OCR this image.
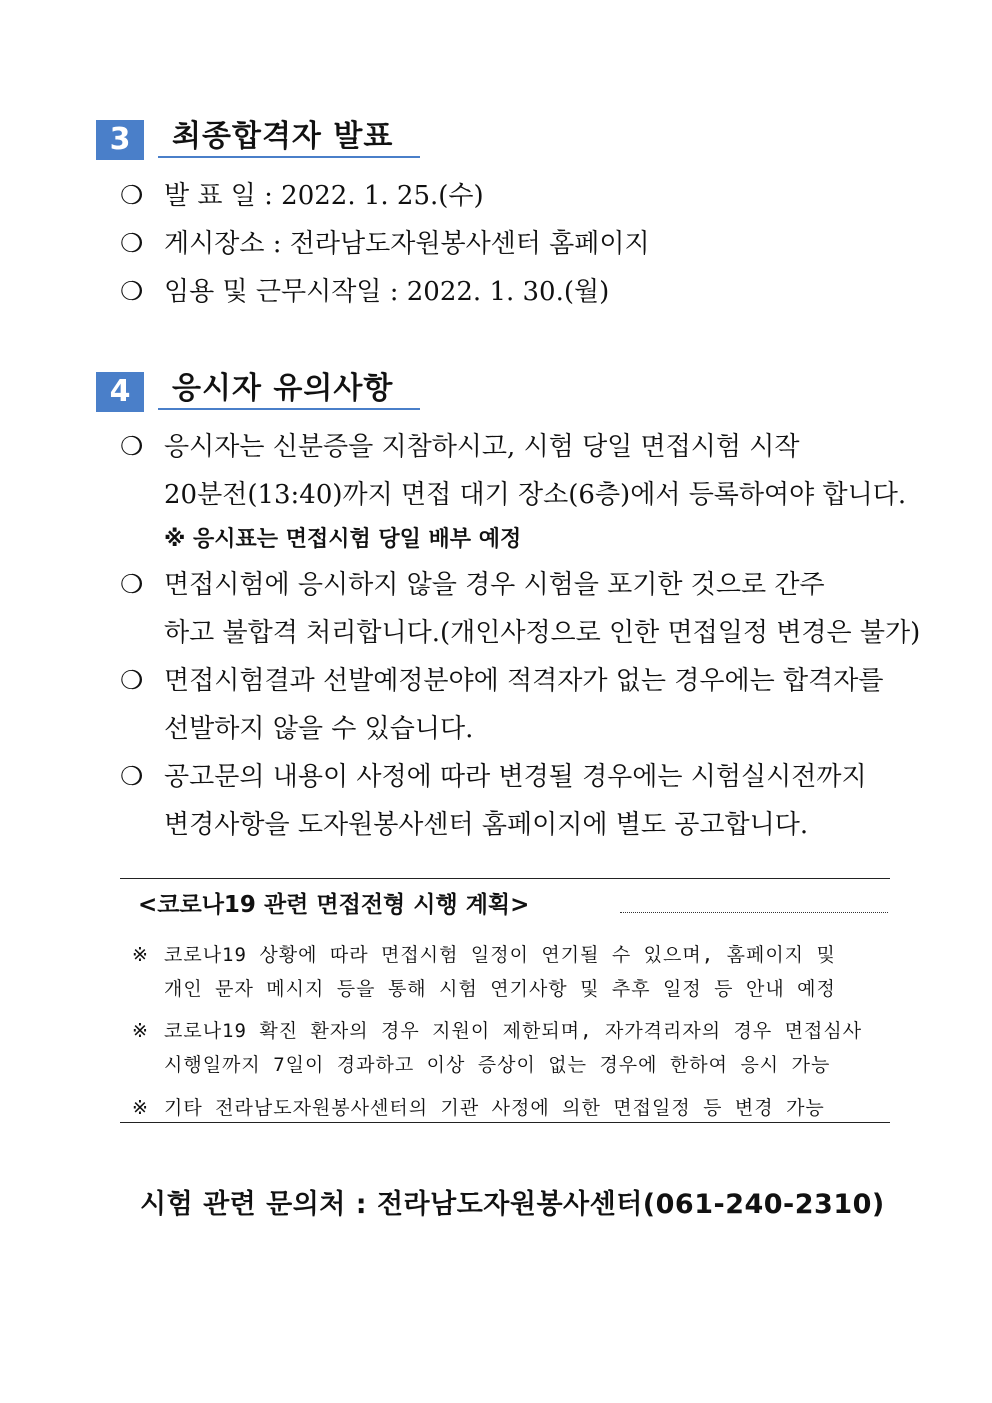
3	최종합격자 발표
❍ 발 표 일 : 2022. 1. 25.(수)
❍ 게시장소 : 전라남도자원봉사센터 홈페이지
❍ 임용 및 근무시작일 : 2022. 1. 30.(월)
4	응시자 유의사항
❍ 응시자는 신분증을 지참하시고, 시험 당일 면접시험 시작
20분전(13:40)까지 면접 대기 장소(6층)에서 등록하여야 합니다.
※ 응시표는 면접시험 당일 배부 예정
❍ 면접시험에 응시하지 않을 경우 시험을 포기한 것으로 간주
하고 불합격 처리합니다.(개인사정으로 인한 면접일정 변경은 불가)
❍ 면접시험결과 선발예정분야에 적격자가 없는 경우에는 합격자를
선발하지 않을 수 있습니다.
❍ 공고문의 내용이 사정에 따라 변경될 경우에는 시험실시전까지
변경사항을 도자원봉사센터 홈페이지에 별도 공고합니다.
<코로나19 관련 면접전형 시행 계획>
※ 코로나19 상황에 따라 면접시험 일정이 연기될 수 있으며, 홈페이지 및
개인 문자 메시지 등을 통해 시험 연기사항 및 추후 일정 등 안내 예정
※ 코로나19 확진 환자의 경우 지원이 제한되며, 자가격리자의 경우 면접심사
시행일까지 7일이 경과하고 이상 증상이 없는 경우에 한하여 응시 가능
※ 기타 전라남도자원봉사센터의 기관 사정에 의한 면접일정 등 변경 가능
시험 관련 문의처 : 전라남도자원봉사센터(061-240-2310)
